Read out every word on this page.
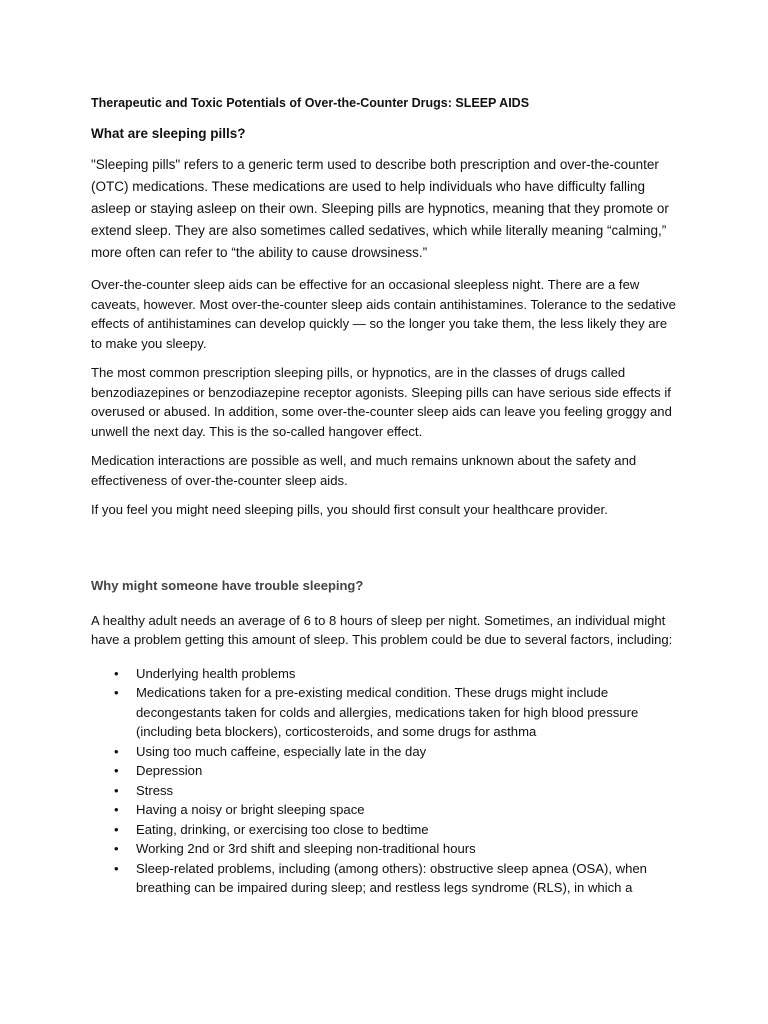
Therapeutic and Toxic Potentials of Over-the-Counter Drugs: SLEEP AIDS
What are sleeping pills?

"Sleeping pills" refers to a generic term used to describe both prescription and over-the-counter (OTC) medications. These medications are used to help individuals who have difficulty falling asleep or staying asleep on their own. Sleeping pills are hypnotics, meaning that they promote or extend sleep. They are also sometimes called sedatives, which while literally meaning “calming,” more often can refer to “the ability to cause drowsiness.”

Over-the-counter sleep aids can be effective for an occasional sleepless night. There are a few caveats, however. Most over-the-counter sleep aids contain antihistamines. Tolerance to the sedative effects of antihistamines can develop quickly — so the longer you take them, the less likely they are to make you sleepy.

The most common prescription sleeping pills, or hypnotics, are in the classes of drugs called benzodiazepines or benzodiazepine receptor agonists. Sleeping pills can have serious side effects if overused or abused. In addition, some over-the-counter sleep aids can leave you feeling groggy and unwell the next day. This is the so-called hangover effect.

Medication interactions are possible as well, and much remains unknown about the safety and effectiveness of over-the-counter sleep aids.

If you feel you might need sleeping pills, you should first consult your healthcare provider.

Why might someone have trouble sleeping?

A healthy adult needs an average of 6 to 8 hours of sleep per night. Sometimes, an individual might have a problem getting this amount of sleep. This problem could be due to several factors, including:

• Underlying health problems
• Medications taken for a pre-existing medical condition. These drugs might include decongestants taken for colds and allergies, medications taken for high blood pressure (including beta blockers), corticosteroids, and some drugs for asthma
• Using too much caffeine, especially late in the day
• Depression
• Stress
• Having a noisy or bright sleeping space
• Eating, drinking, or exercising too close to bedtime
• Working 2nd or 3rd shift and sleeping non-traditional hours
• Sleep-related problems, including (among others): obstructive sleep apnea (OSA), when breathing can be impaired during sleep; and restless legs syndrome (RLS), in which a
